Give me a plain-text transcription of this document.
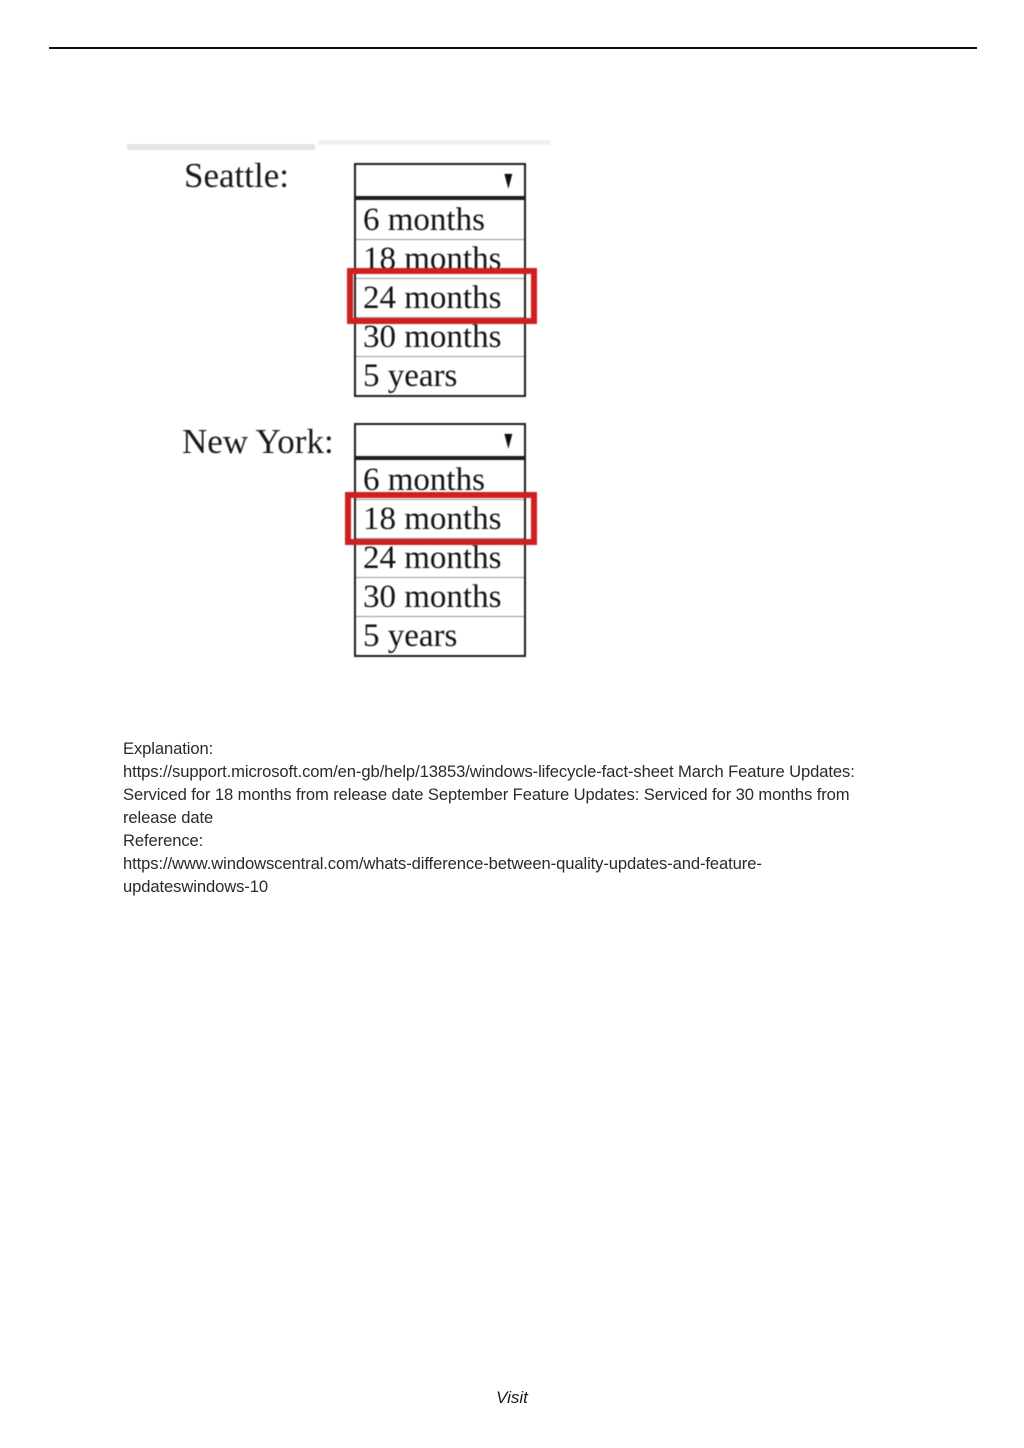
Seattle:	▼
6 months
18 months
24 months
30 months
5 years
New York:	▼
6 months
18 months
24 months
30 months
5 years
Explanation:
https://support.microsoft.com/en-gb/help/13853/windows-lifecycle-fact-sheet March Feature Updates:
Serviced for 18 months from release date September Feature Updates: Serviced for 30 months from
release date
Reference:
https://www.windowscentral.com/whats-difference-between-quality-updates-and-feature-
updateswindows-10
Visit
